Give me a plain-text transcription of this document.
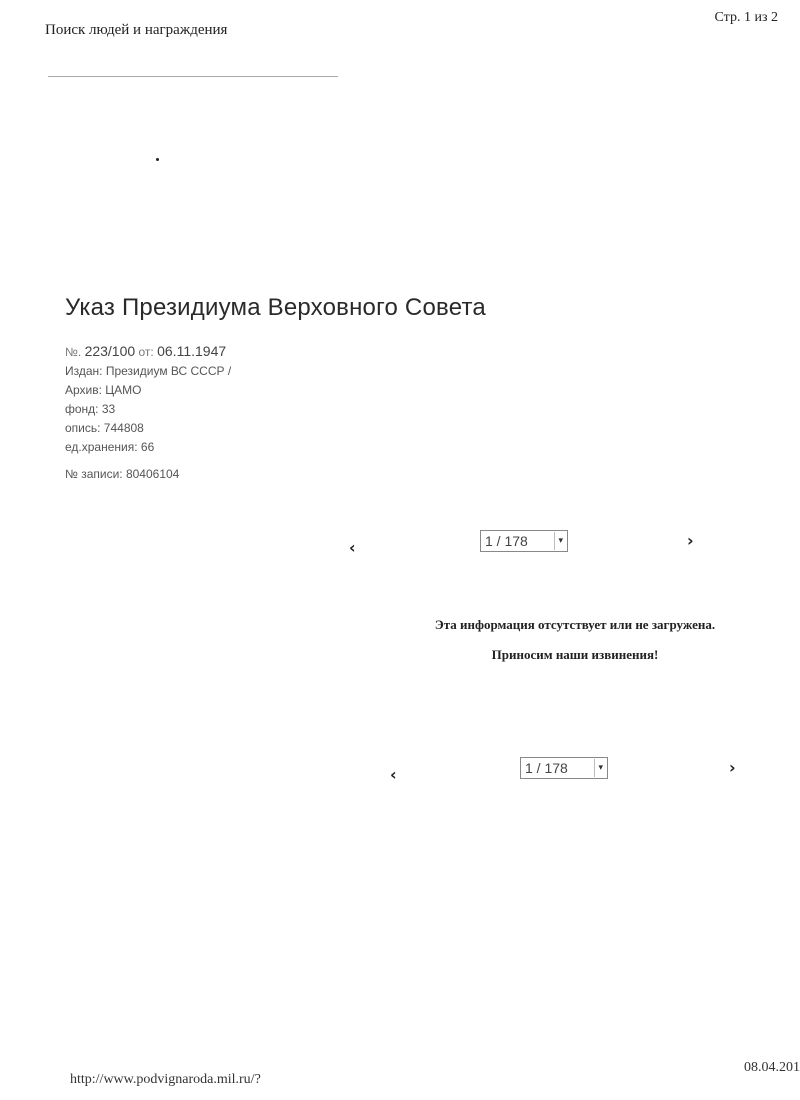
Поиск людей и награждения
Стр. 1 из 2
Указ Президиума Верховного Совета
№. 223/100 от: 06.11.1947
Издан: Президиум ВС СССР /
Архив: ЦАМО
фонд: 33
опись: 744808
ед.хранения: 66
№ записи: 80406104
‹	1 / 178	▾	›
Эта информация отсутствует или не загружена.
Приносим наши извинения!
‹	1 / 178	▾	›
http://www.podvignaroda.mil.ru/?
08.04.201
